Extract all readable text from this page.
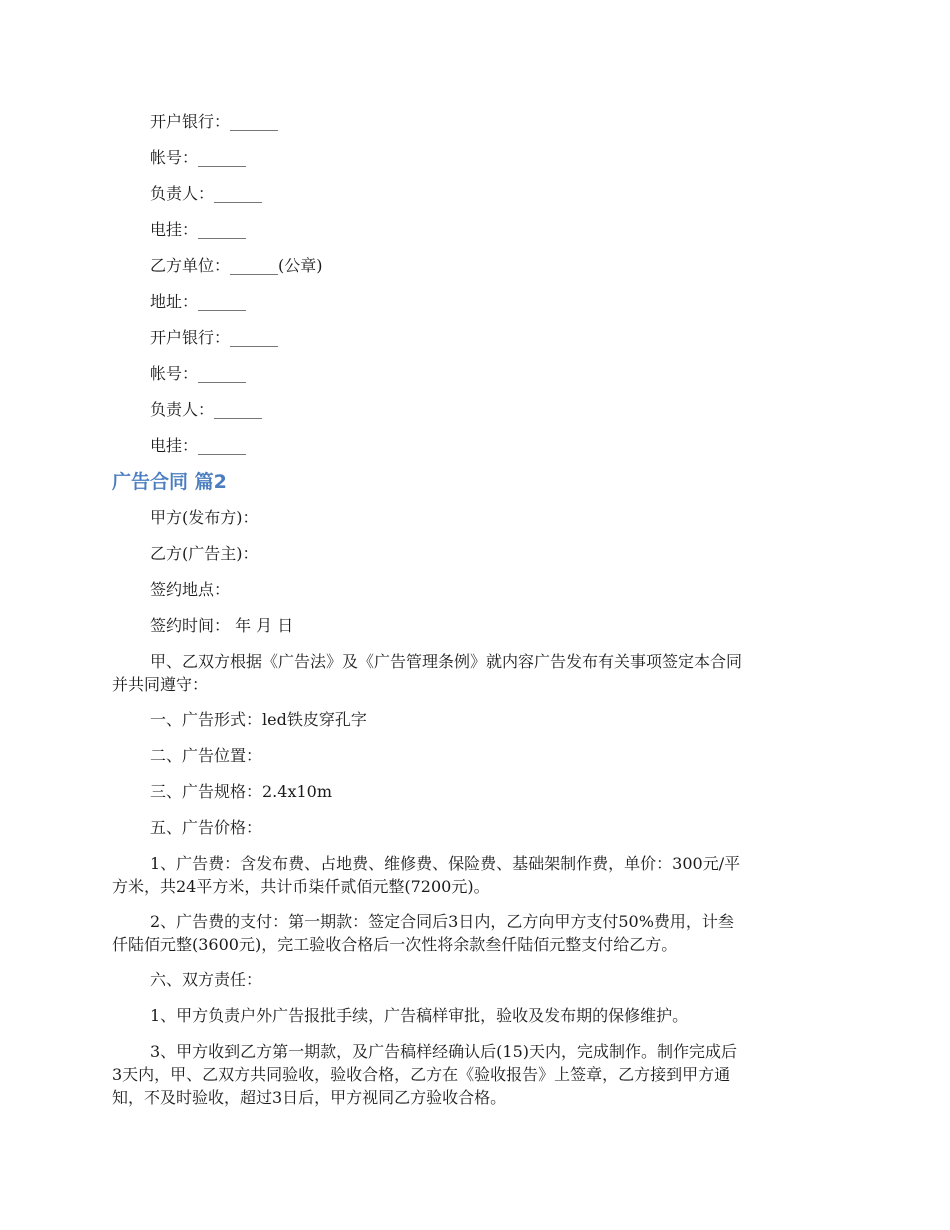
开户银行：______

帐号：______

负责人：______

电挂：______

乙方单位：______(公章)

地址：______

开户银行：______

帐号：______

负责人：______

电挂：______

广告合同 篇2

甲方(发布方)：

乙方(广告主)：

签约地点：

签约时间： 年 月 日

甲、乙双方根据《广告法》及《广告管理条例》就内容广告发布有关事项签定本合同
并共同遵守：

一、广告形式：led铁皮穿孔字

二、广告位置：

三、广告规格：2.4x10m

五、广告价格：

1、广告费：含发布费、占地费、维修费、保险费、基础架制作费，单价：300元/平
方米，共24平方米，共计币柒仟贰佰元整(7200元)。
2、广告费的支付：第一期款：签定合同后3日内，乙方向甲方支付50%费用，计叁
仟陆佰元整(3600元)，完工验收合格后一次性将余款叁仟陆佰元整支付给乙方。

六、双方责任：

1、甲方负责户外广告报批手续，广告稿样审批，验收及发布期的保修维护。

3、甲方收到乙方第一期款，及广告稿样经确认后(15)天内，完成制作。制作完成后
3天内，甲、乙双方共同验收，验收合格，乙方在《验收报告》上签章，乙方接到甲方通
知，不及时验收，超过3日后，甲方视同乙方验收合格。
